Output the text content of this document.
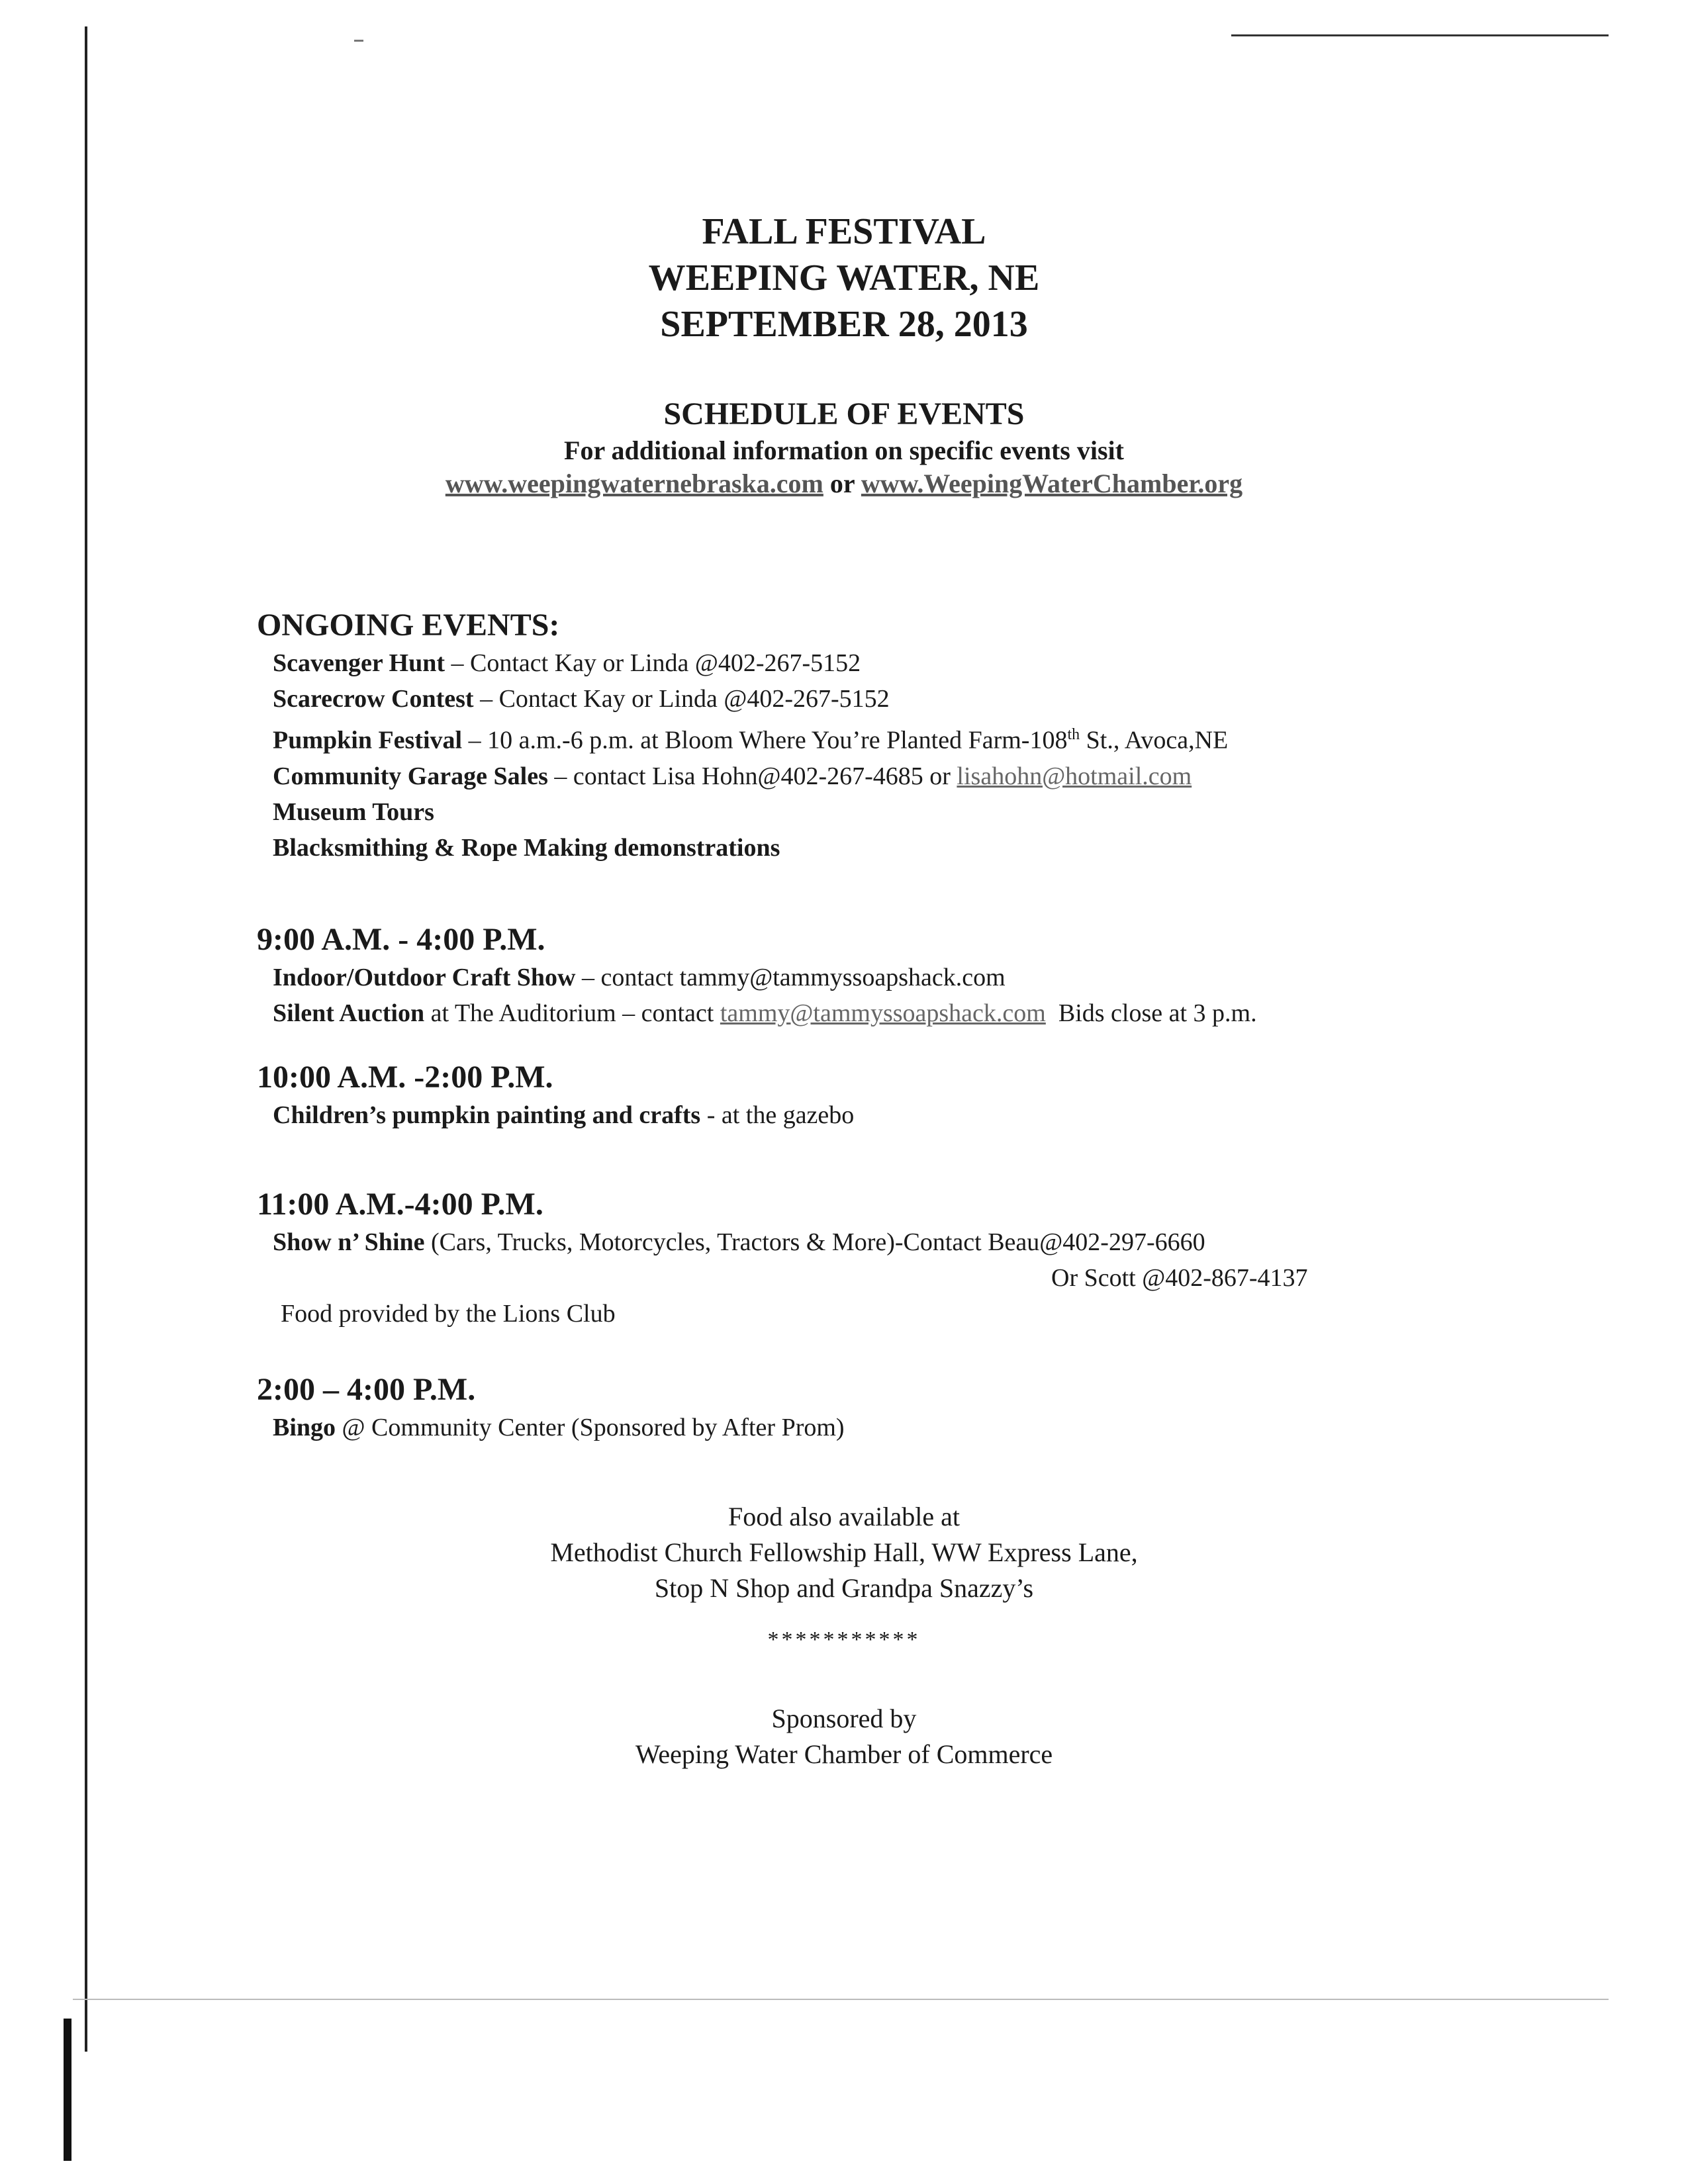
FALL FESTIVAL
WEEPING WATER, NE
SEPTEMBER 28, 2013
SCHEDULE OF EVENTS
For additional information on specific events visit
www.weepingwaternebraska.com or www.WeepingWaterChamber.org
ONGOING EVENTS:
Scavenger Hunt – Contact Kay or Linda @402-267-5152
Scarecrow Contest – Contact Kay or Linda @402-267-5152
Pumpkin Festival – 10 a.m.-6 p.m. at Bloom Where You’re Planted Farm-108th St., Avoca,NE
Community Garage Sales – contact Lisa Hohn@402-267-4685 or lisahohn@hotmail.com
Museum Tours
Blacksmithing & Rope Making demonstrations
9:00 A.M. - 4:00 P.M.
Indoor/Outdoor Craft Show – contact tammy@tammyssoapshack.com
Silent Auction at The Auditorium – contact tammy@tammyssoapshack.com  Bids close at 3 p.m.
10:00 A.M. -2:00 P.M.
Children’s pumpkin painting and crafts - at the gazebo
11:00 A.M.-4:00 P.M.
Show n’ Shine (Cars, Trucks, Motorcycles, Tractors & More)-Contact Beau@402-297-6660
Or Scott @402-867-4137
Food provided by the Lions Club
2:00 – 4:00 P.M.
Bingo @ Community Center (Sponsored by After Prom)
Food also available at
Methodist Church Fellowship Hall, WW Express Lane,
Stop N Shop and Grandpa Snazzy’s
***********
Sponsored by
Weeping Water Chamber of Commerce
